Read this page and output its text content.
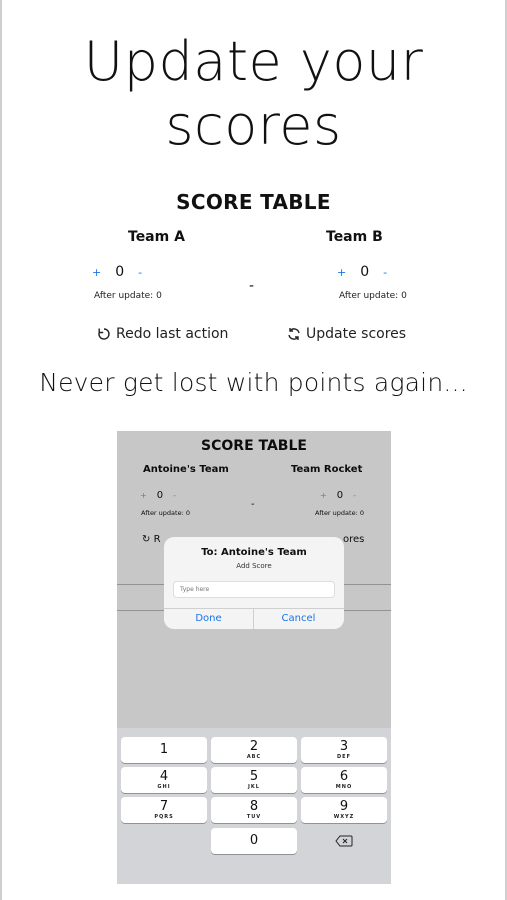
Update your
scores
SCORE TABLE
Team A	Team B
+ 0 -	+ 0 -
-
After update: 0	After update: 0
Redo last action	Update scores
Never get lost with points again...
SCORE TABLE
Antoine's Team	Team Rocket
+ 0 -	+ 0 -
-
After update: 0	After update: 0
↻ R	ores
To: Antoine's Team
Add Score
Type here
Done	Cancel
1	2
ABC
3
DEF
4
GHI
5
JKL
6
MNO
7
PQRS
8
TUV
9
WXYZ
0
